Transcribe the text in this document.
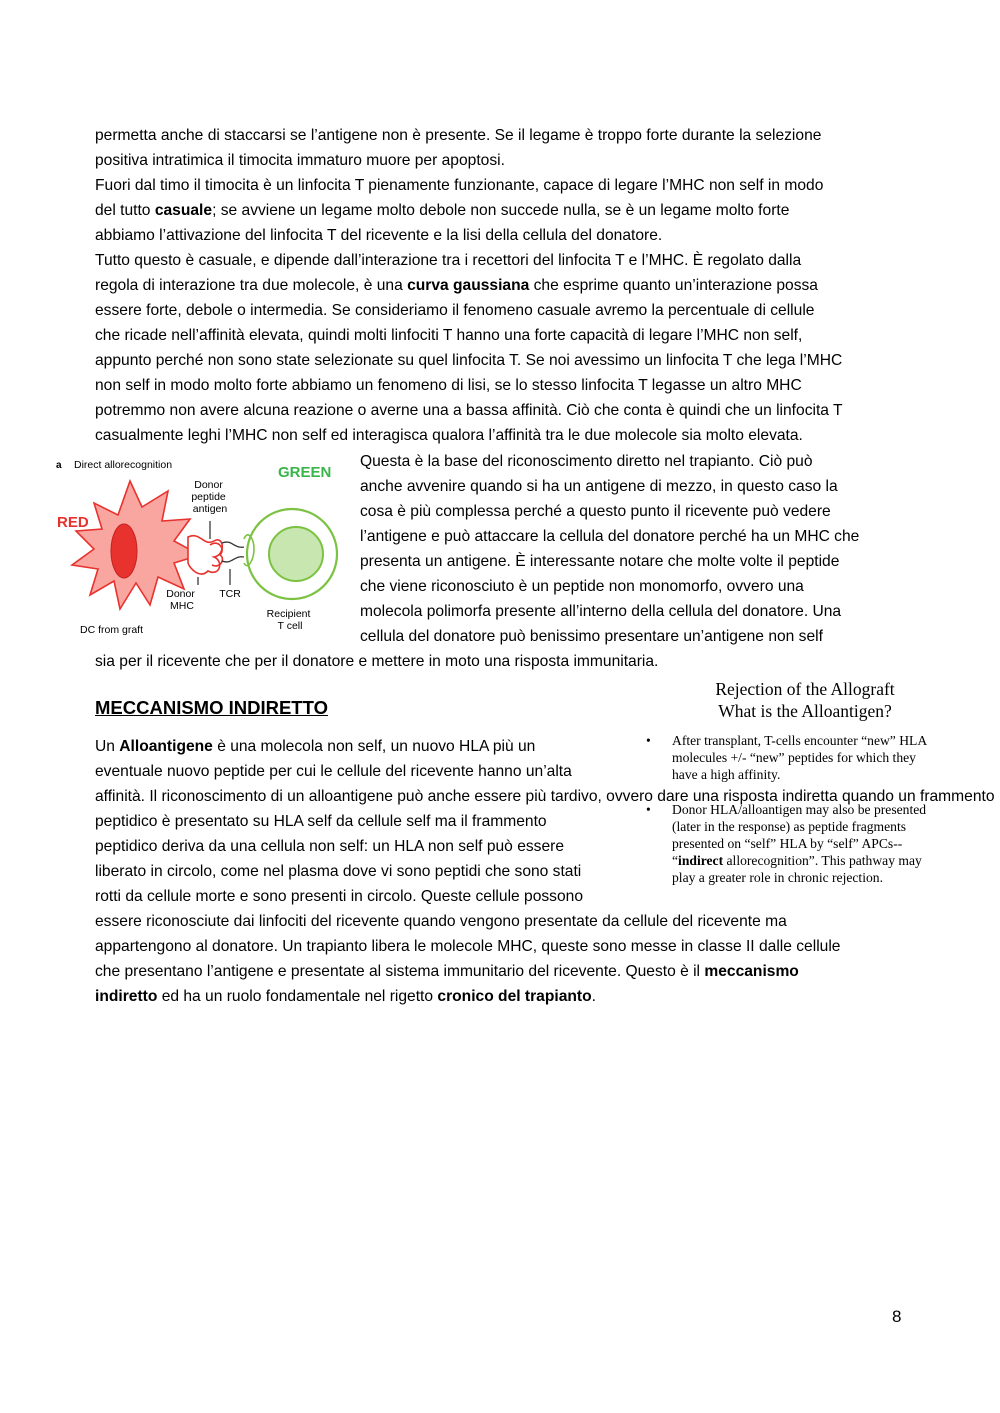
permetta anche di staccarsi se l’antigene non è presente. Se il legame è troppo forte durante la selezione positiva intratimica il timocita immaturo muore per apoptosi.
Fuori dal timo il timocita è un linfocita T pienamente funzionante, capace di legare l’MHC non self in modo del tutto casuale; se avviene un legame molto debole non succede nulla, se è un legame molto forte abbiamo l’attivazione del linfocita T del ricevente e la lisi della cellula del donatore.
Tutto questo è casuale, e dipende dall’interazione tra i recettori del linfocita T e l’MHC. È regolato dalla regola di interazione tra due molecole, è una curva gaussiana che esprime quanto un’interazione possa essere forte, debole o intermedia. Se consideriamo il fenomeno casuale avremo la percentuale di cellule che ricade nell’affinità elevata, quindi molti linfociti T hanno una forte capacità di legare l’MHC non self, appunto perché non sono state selezionate su quel linfocita T. Se noi avessimo un linfocita T che lega l’MHC non self in modo molto forte abbiamo un fenomeno di lisi, se lo stesso linfocita T legasse un altro MHC potremmo non avere alcuna reazione o averne una a bassa affinità. Ciò che conta è quindi che un linfocita T casualmente leghi l’MHC non self ed interagisca qualora l’affinità tra le due molecole sia molto elevata.
a Direct allorecognition	GREEN
RED
Donor peptide antigen
Donor MHC
TCR
Recipient T cell
DC from graft
Questa è la base del riconoscimento diretto nel trapianto. Ciò può anche avvenire quando si ha un antigene di mezzo, in questo caso la cosa è più complessa perché a questo punto il ricevente può vedere l’antigene e può attaccare la cellula del donatore perché ha un MHC che presenta un antigene. È interessante notare che molte volte il peptide che viene riconosciuto è un peptide non monomorfo, ovvero una molecola polimorfa presente all’interno della cellula del donatore. Una cellula del donatore può benissimo presentare un’antigene non self
sia per il ricevente che per il donatore e mettere in moto una risposta immunitaria.
MECCANISMO INDIRETTO
Rejection of the Allograft
What is the Alloantigen?
• After transplant, T-cells encounter “new” HLA
molecules +/- “new” peptides for which they
have a high affinity.
• Donor HLA/alloantigen may also be presented
(later in the response) as peptide fragments
presented on “self” HLA by “self” APCs--
“indirect allorecognition”. This pathway may
play a greater role in chronic rejection.
Un Alloantigene è una molecola non self, un nuovo HLA più un eventuale nuovo peptide per cui le cellule del ricevente hanno un’alta affinità. Il riconoscimento di un alloantigene può anche essere più tardivo, ovvero dare una risposta indiretta quando un frammento peptidico è presentato su HLA self da cellule self ma il frammento peptidico deriva da una cellula non self: un HLA non self può essere liberato in circolo, come nel plasma dove vi sono peptidi che sono stati rotti da cellule morte e sono presenti in circolo. Queste cellule possono essere riconosciute dai linfociti del ricevente quando vengono presentate da cellule del ricevente ma appartengono al donatore. Un trapianto libera le molecole MHC, queste sono messe in classe II dalle cellule che presentano l’antigene e presentate al sistema immunitario del ricevente. Questo è il meccanismo indiretto ed ha un ruolo fondamentale nel rigetto cronico del trapianto.
8
